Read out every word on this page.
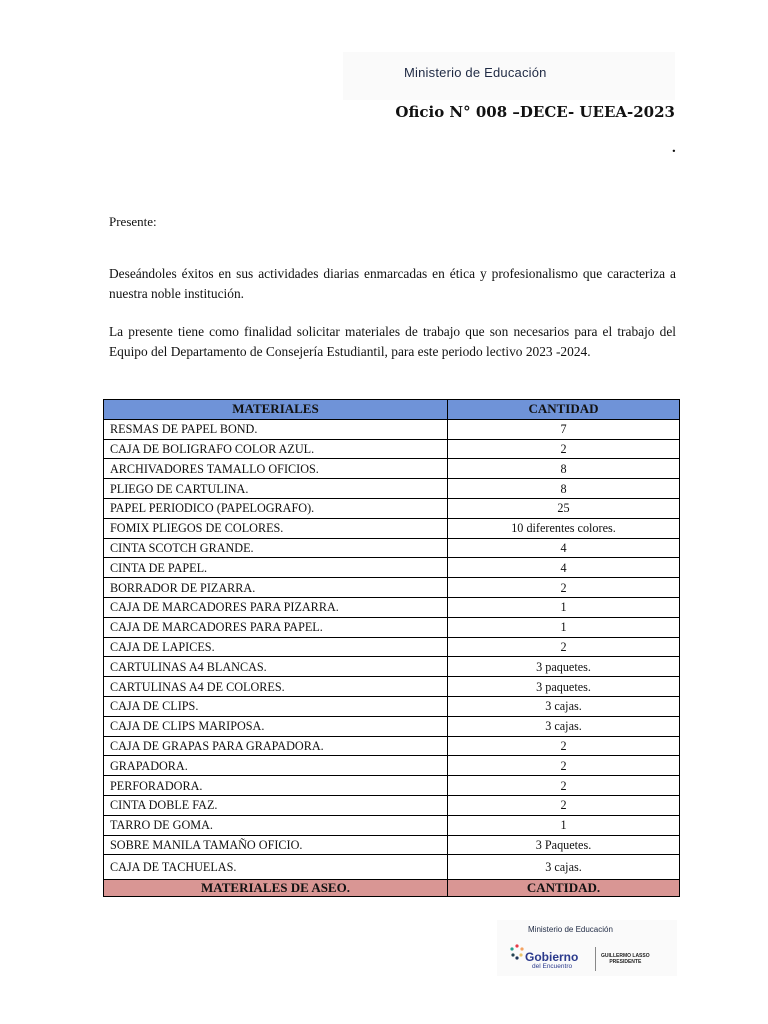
Ministerio de Educación
Oficio N° 008 –DECE- UEEA-2023
.
Presente:

Deseándoles éxitos en sus actividades diarias enmarcadas en ética y profesionalismo que caracteriza a nuestra noble institución.

La presente tiene como finalidad solicitar materiales de trabajo que son necesarios para el trabajo del Equipo del Departamento de Consejería Estudiantil, para este periodo lectivo 2023 -2024.

MATERIALES	CANTIDAD
RESMAS DE PAPEL BOND.	7
CAJA DE BOLIGRAFO COLOR AZUL.	2
ARCHIVADORES TAMALLO OFICIOS.	8
PLIEGO DE CARTULINA.	8
PAPEL PERIODICO (PAPELOGRAFO).	25
FOMIX PLIEGOS DE COLORES.	10 diferentes colores.
CINTA SCOTCH GRANDE.	4
CINTA DE PAPEL.	4
BORRADOR DE PIZARRA.	2
CAJA DE MARCADORES PARA PIZARRA.	1
CAJA DE MARCADORES PARA PAPEL.	1
CAJA DE LAPICES.	2
CARTULINAS A4 BLANCAS.	3 paquetes.
CARTULINAS A4 DE COLORES.	3 paquetes.
CAJA DE CLIPS.	3 cajas.
CAJA DE CLIPS MARIPOSA.	3 cajas.
CAJA DE GRAPAS PARA GRAPADORA.	2
GRAPADORA.	2
PERFORADORA.	2
CINTA DOBLE FAZ.	2
TARRO DE GOMA.	1
SOBRE MANILA TAMAÑO OFICIO.	3 Paquetes.
CAJA DE TACHUELAS.	3 cajas.
MATERIALES DE ASEO.	CANTIDAD.
Ministerio de Educación
Gobierno
del Encuentro
GUILLERMO LASSO
PRESIDENTE
